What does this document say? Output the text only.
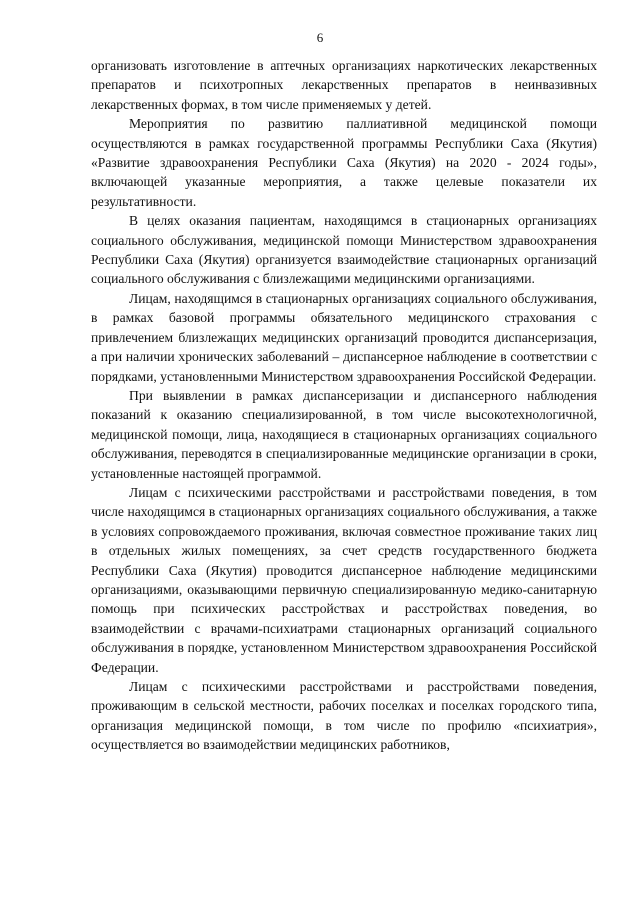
6

организовать изготовление в аптечных организациях наркотических лекарственных препаратов и психотропных лекарственных препаратов в неинвазивных лекарственных формах, в том числе применяемых у детей.

Мероприятия по развитию паллиативной медицинской помощи осуществляются в рамках государственной программы Республики Саха (Якутия) «Развитие здравоохранения Республики Саха (Якутия) на 2020 - 2024 годы», включающей указанные мероприятия, а также целевые показатели их результативности.

В целях оказания пациентам, находящимся в стационарных организациях социального обслуживания, медицинской помощи Министерством здравоохранения Республики Саха (Якутия) организуется взаимодействие стационарных организаций социального обслуживания с близлежащими медицинскими организациями.

Лицам, находящимся в стационарных организациях социального обслуживания, в рамках базовой программы обязательного медицинского страхования с привлечением близлежащих медицинских организаций проводится диспансеризация, а при наличии хронических заболеваний – диспансерное наблюдение в соответствии с порядками, установленными Министерством здравоохранения Российской Федерации.

При выявлении в рамках диспансеризации и диспансерного наблюдения показаний к оказанию специализированной, в том числе высокотехнологичной, медицинской помощи, лица, находящиеся в стационарных организациях социального обслуживания, переводятся в специализированные медицинские организации в сроки, установленные настоящей программой.

Лицам с психическими расстройствами и расстройствами поведения, в том числе находящимся в стационарных организациях социального обслуживания, а также в условиях сопровождаемого проживания, включая совместное проживание таких лиц в отдельных жилых помещениях, за счет средств государственного бюджета Республики Саха (Якутия) проводится диспансерное наблюдение медицинскими организациями, оказывающими первичную специализированную медико-санитарную помощь при психических расстройствах и расстройствах поведения, во взаимодействии с врачами-психиатрами стационарных организаций социального обслуживания в порядке, установленном Министерством здравоохранения Российской Федерации.

Лицам с психическими расстройствами и расстройствами поведения, проживающим в сельской местности, рабочих поселках и поселках городского типа, организация медицинской помощи, в том числе по профилю «психиатрия», осуществляется во взаимодействии медицинских работников,
